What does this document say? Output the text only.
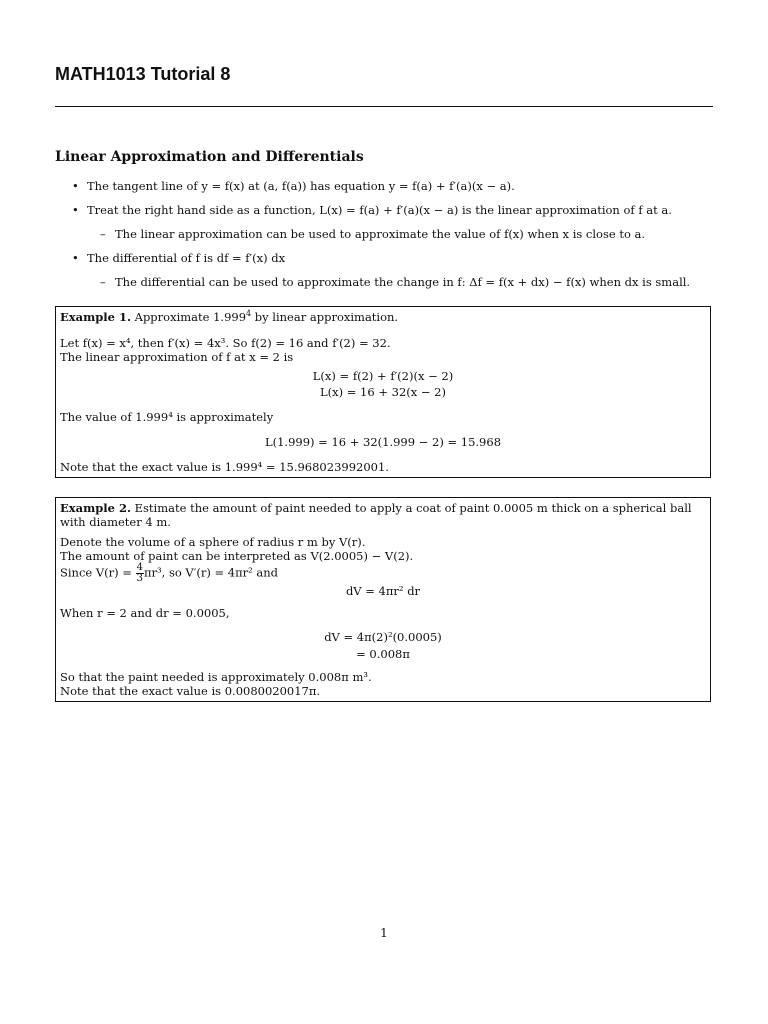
MATH1013 Tutorial 8
Linear Approximation and Differentials
• The tangent line of y = f(x) at (a, f(a)) has equation y = f(a) + f′(a)(x − a).
• Treat the right hand side as a function, L(x) = f(a) + f′(a)(x − a) is the linear approximation of f at a.
– The linear approximation can be used to approximate the value of f(x) when x is close to a.
• The differential of f is df = f′(x) dx
– The differential can be used to approximate the change in f: Δf = f(x + dx) − f(x) when dx is small.

Example 1. Approximate 1.999$^4$ by linear approximation.

Let f(x) = x⁴, then f′(x) = 4x³. So f(2) = 16 and f′(2) = 32.

The linear approximation of f at x = 2 is

L(x) = f(2) + f′(2)(x − 2)

L(x) = 16 + 32(x − 2)

The value of 1.999⁴ is approximately

L(1.999) = 16 + 32(1.999 − 2) = 15.968

Note that the exact value is 1.999⁴ = 15.968023992001.

Example 2. Estimate the amount of paint needed to apply a coat of paint 0.0005 m thick on a spherical ball with diameter 4 m.

Denote the volume of a sphere of radius r m by V(r).

The amount of paint can be interpreted as V(2.0005) − V(2).

Since $V(r) = \frac{4}{3} \pi r^3$, so V′(r) = 4πr² and

dV = 4πr² dr

When r = 2 and dr = 0.0005,

dV = 4π(2)²(0.0005)

= 0.008π

So that the paint needed is approximately 0.008π m³.

Note that the exact value is 0.0080020017π.

1
